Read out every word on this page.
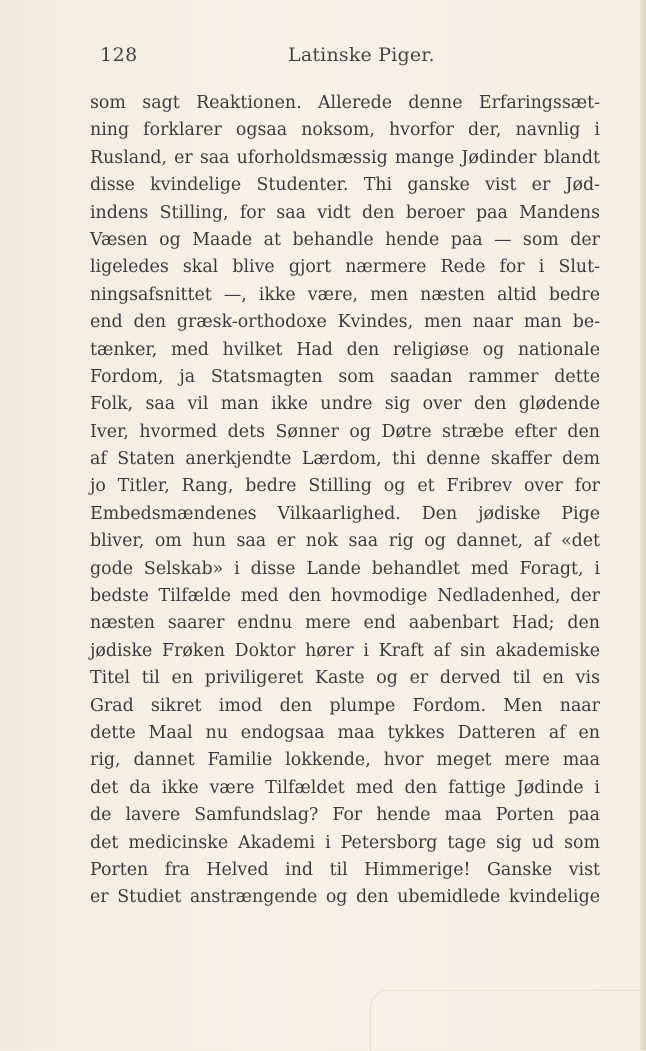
128	Latinske Piger.
som sagt Reaktionen. Allerede denne Erfaringssæt-
ning forklarer ogsaa noksom, hvorfor der, navnlig i
Rusland, er saa uforholdsmæssig mange Jødinder blandt
disse kvindelige Studenter. Thi ganske vist er Jød-
indens Stilling, for saa vidt den beroer paa Mandens
Væsen og Maade at behandle hende paa — som der
ligeledes skal blive gjort nærmere Rede for i Slut-
ningsafsnittet —, ikke være, men næsten altid bedre
end den græsk-orthodoxe Kvindes, men naar man be-
tænker, med hvilket Had den religiøse og nationale
Fordom, ja Statsmagten som saadan rammer dette
Folk, saa vil man ikke undre sig over den glødende
Iver, hvormed dets Sønner og Døtre stræbe efter den
af Staten anerkjendte Lærdom, thi denne skaffer dem
jo Titler, Rang, bedre Stilling og et Fribrev over for
Embedsmændenes Vilkaarlighed. Den jødiske Pige
bliver, om hun saa er nok saa rig og dannet, af «det
gode Selskab» i disse Lande behandlet med Foragt, i
bedste Tilfælde med den hovmodige Nedladenhed, der
næsten saarer endnu mere end aabenbart Had; den
jødiske Frøken Doktor hører i Kraft af sin akademiske
Titel til en priviligeret Kaste og er derved til en vis
Grad sikret imod den plumpe Fordom. Men naar
dette Maal nu endogsaa maa tykkes Datteren af en
rig, dannet Familie lokkende, hvor meget mere maa
det da ikke være Tilfældet med den fattige Jødinde i
de lavere Samfundslag? For hende maa Porten paa
det medicinske Akademi i Petersborg tage sig ud som
Porten fra Helved ind til Himmerige! Ganske vist
er Studiet anstrængende og den ubemidlede kvindelige
